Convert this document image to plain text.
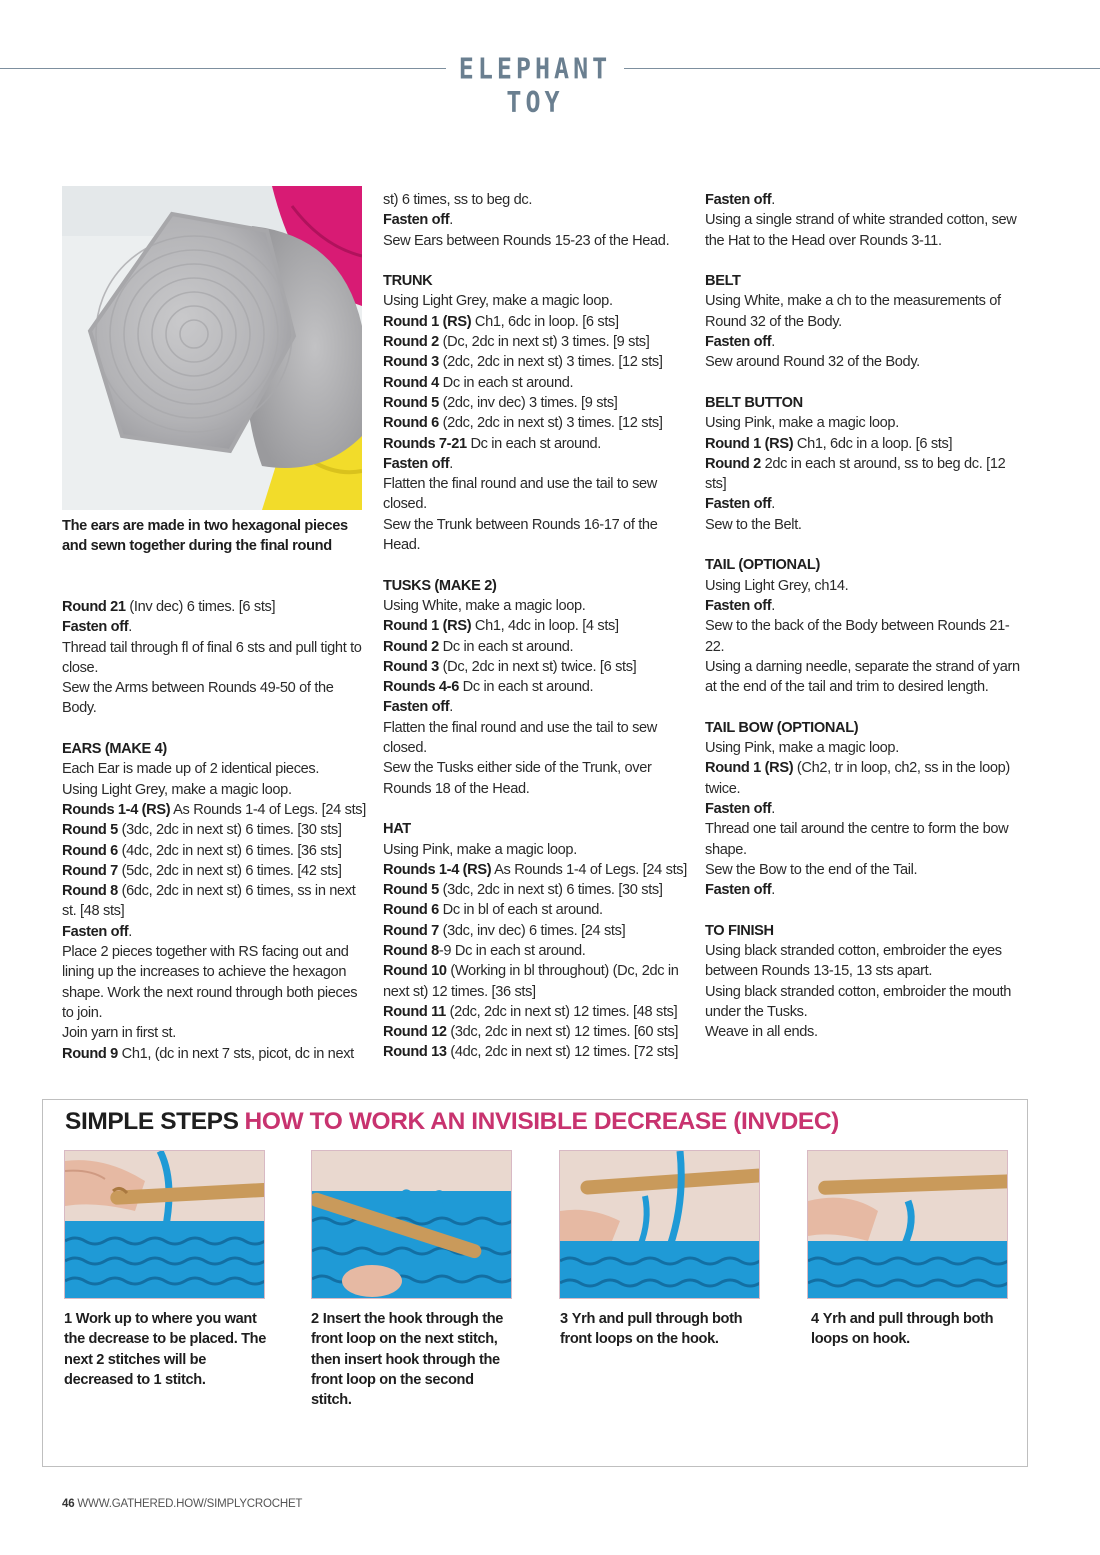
ELEPHANT TOY
The ears are made in two hexagonal pieces and sewn together during the final round

Round 21 (Inv dec) 6 times. [6 sts]

Fasten off.

Thread tail through fl of final 6 sts and pull tight to close.

Sew the Arms between Rounds 49-50 of the Body.

EARS (MAKE 4)

Each Ear is made up of 2 identical pieces.

Using Light Grey, make a magic loop.

Rounds 1-4 (RS) As Rounds 1-4 of Legs. [24 sts]

Round 5 (3dc, 2dc in next st) 6 times. [30 sts]

Round 6 (4dc, 2dc in next st) 6 times. [36 sts]

Round 7 (5dc, 2dc in next st) 6 times. [42 sts]

Round 8 (6dc, 2dc in next st) 6 times, ss in next st. [48 sts]

Fasten off.

Place 2 pieces together with RS facing out and lining up the increases to achieve the hexagon shape. Work the next round through both pieces to join.

Join yarn in first st.

Round 9 Ch1, (dc in next 7 sts, picot, dc in next

st) 6 times, ss to beg dc.

Fasten off.

Sew Ears between Rounds 15-23 of the Head.

TRUNK

Using Light Grey, make a magic loop.

Round 1 (RS) Ch1, 6dc in loop. [6 sts]

Round 2 (Dc, 2dc in next st) 3 times. [9 sts]

Round 3 (2dc, 2dc in next st) 3 times. [12 sts]

Round 4 Dc in each st around.

Round 5 (2dc, inv dec) 3 times. [9 sts]

Round 6 (2dc, 2dc in next st) 3 times. [12 sts]

Rounds 7-21 Dc in each st around.

Fasten off.

Flatten the final round and use the tail to sew closed.

Sew the Trunk between Rounds 16-17 of the Head.

TUSKS (MAKE 2)

Using White, make a magic loop.

Round 1 (RS) Ch1, 4dc in loop. [4 sts]

Round 2 Dc in each st around.

Round 3 (Dc, 2dc in next st) twice. [6 sts]

Rounds 4-6 Dc in each st around.

Fasten off.

Flatten the final round and use the tail to sew closed.

Sew the Tusks either side of the Trunk, over Rounds 18 of the Head.

HAT

Using Pink, make a magic loop.

Rounds 1-4 (RS) As Rounds 1-4 of Legs. [24 sts]

Round 5 (3dc, 2dc in next st) 6 times. [30 sts]

Round 6 Dc in bl of each st around.

Round 7 (3dc, inv dec) 6 times. [24 sts]

Round 8-9 Dc in each st around.

Round 10 (Working in bl throughout) (Dc, 2dc in next st) 12 times. [36 sts]

Round 11 (2dc, 2dc in next st) 12 times. [48 sts]

Round 12 (3dc, 2dc in next st) 12 times. [60 sts]

Round 13 (4dc, 2dc in next st) 12 times. [72 sts]

Fasten off.

Using a single strand of white stranded cotton, sew the Hat to the Head over Rounds 3-11.

BELT

Using White, make a ch to the measurements of Round 32 of the Body.

Fasten off.

Sew around Round 32 of the Body.

BELT BUTTON

Using Pink, make a magic loop.

Round 1 (RS) Ch1, 6dc in a loop. [6 sts]

Round 2 2dc in each st around, ss to beg dc. [12 sts]

Fasten off.

Sew to the Belt.

TAIL (OPTIONAL)

Using Light Grey, ch14.

Fasten off.

Sew to the back of the Body between Rounds 21-22.

Using a darning needle, separate the strand of yarn at the end of the tail and trim to desired length.

TAIL BOW (OPTIONAL)

Using Pink, make a magic loop.

Round 1 (RS) (Ch2, tr in loop, ch2, ss in the loop) twice.

Fasten off.

Thread one tail around the centre to form the bow shape.

Sew the Bow to the end of the Tail.

Fasten off.

TO FINISH

Using black stranded cotton, embroider the eyes between Rounds 13-15, 13 sts apart.

Using black stranded cotton, embroider the mouth under the Tusks.

Weave in all ends.

SIMPLE STEPS HOW TO WORK AN INVISIBLE DECREASE (INVDEC)
1 Work up to where you want the decrease to be placed. The next 2 stitches will be decreased to 1 stitch.
2 Insert the hook through the front loop on the next stitch, then insert hook through the front loop on the second stitch.
3 Yrh and pull through both front loops on the hook.
4 Yrh and pull through both loops on hook.
46 WWW.GATHERED.HOW/SIMPLYCROCHET
